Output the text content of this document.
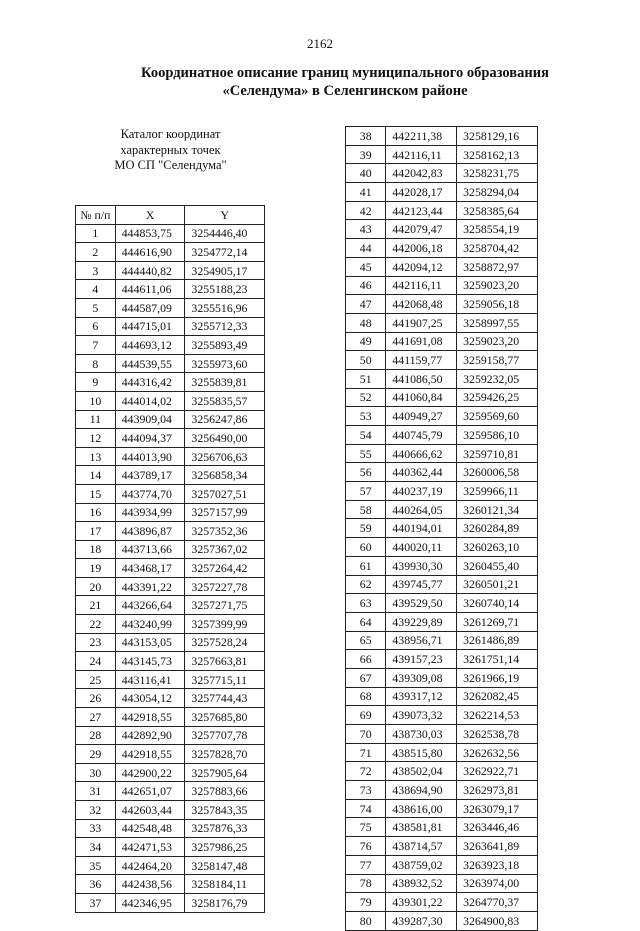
2162
Координатное описание границ муниципального образования
«Селендума» в Селенгинском районе
Каталог координат
характерных точек
МО СП "Селендума"
№ п/п	X	Y
1	444853,75	3254446,40
2	444616,90	3254772,14
3	444440,82	3254905,17
4	444611,06	3255188,23
5	444587,09	3255516,96
6	444715,01	3255712,33
7	444693,12	3255893,49
8	444539,55	3255973,60
9	444316,42	3255839,81
10	444014,02	3255835,57
11	443909,04	3256247,86
12	444094,37	3256490,00
13	444013,90	3256706,63
14	443789,17	3256858,34
15	443774,70	3257027,51
16	443934,99	3257157,99
17	443896,87	3257352,36
18	443713,66	3257367,02
19	443468,17	3257264,42
20	443391,22	3257227,78
21	443266,64	3257271,75
22	443240,99	3257399,99
23	443153,05	3257528,24
24	443145,73	3257663,81
25	443116,41	3257715,11
26	443054,12	3257744,43
27	442918,55	3257685,80
28	442892,90	3257707,78
29	442918,55	3257828,70
30	442900,22	3257905,64
31	442651,07	3257883,66
32	442603,44	3257843,35
33	442548,48	3257876,33
34	442471,53	3257986,25
35	442464,20	3258147,48
36	442438,56	3258184,11
37	442346,95	3258176,79
38	442211,38	3258129,16
39	442116,11	3258162,13
40	442042,83	3258231,75
41	442028,17	3258294,04
42	442123,44	3258385,64
43	442079,47	3258554,19
44	442006,18	3258704,42
45	442094,12	3258872,97
46	442116,11	3259023,20
47	442068,48	3259056,18
48	441907,25	3258997,55
49	441691,08	3259023,20
50	441159,77	3259158,77
51	441086,50	3259232,05
52	441060,84	3259426,25
53	440949,27	3259569,60
54	440745,79	3259586,10
55	440666,62	3259710,81
56	440362,44	3260006,58
57	440237,19	3259966,11
58	440264,05	3260121,34
59	440194,01	3260284,89
60	440020,11	3260263,10
61	439930,30	3260455,40
62	439745,77	3260501,21
63	439529,50	3260740,14
64	439229,89	3261269,71
65	438956,71	3261486,89
66	439157,23	3261751,14
67	439309,08	3261966,19
68	439317,12	3262082,45
69	439073,32	3262214,53
70	438730,03	3262538,78
71	438515,80	3262632,56
72	438502,04	3262922,71
73	438694,90	3262973,81
74	438616,00	3263079,17
75	438581,81	3263446,46
76	438714,57	3263641,89
77	438759,02	3263923,18
78	438932,52	3263974,00
79	439301,22	3264770,37
80	439287,30	3264900,83
